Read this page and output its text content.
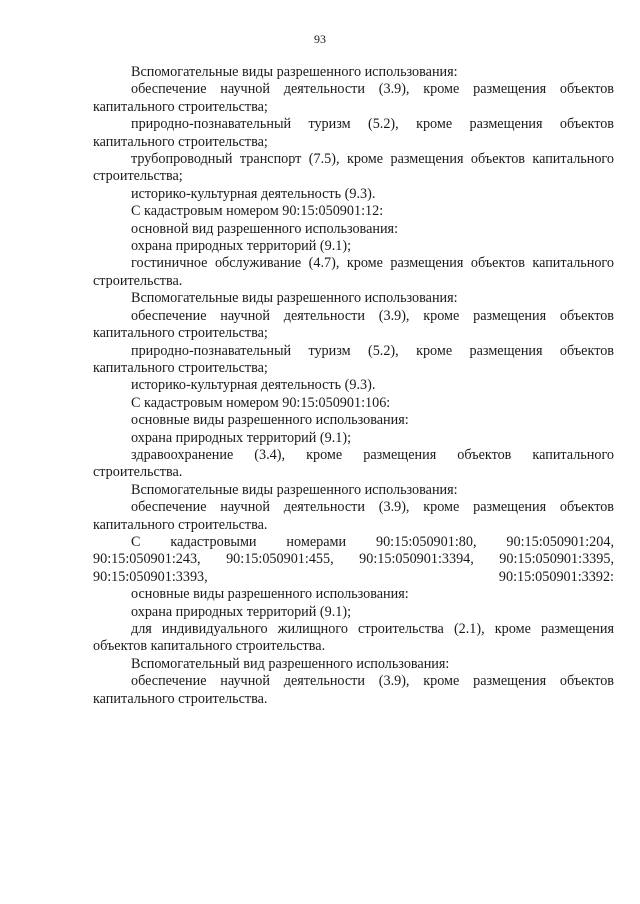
93

Вспомогательные виды разрешенного использования:

обеспечение научной деятельности (3.9), кроме размещения объектов капитального строительства;

природно-познавательный туризм (5.2), кроме размещения объектов капитального строительства;

трубопроводный транспорт (7.5), кроме размещения объектов капитального строительства;

историко-культурная деятельность (9.3).

С кадастровым номером 90:15:050901:12:

основной вид разрешенного использования:

охрана природных территорий (9.1);

гостиничное обслуживание (4.7), кроме размещения объектов капитального строительства.

Вспомогательные виды разрешенного использования:

обеспечение научной деятельности (3.9), кроме размещения объектов капитального строительства;

природно-познавательный туризм (5.2), кроме размещения объектов капитального строительства;

историко-культурная деятельность (9.3).

С кадастровым номером 90:15:050901:106:

основные виды разрешенного использования:

охрана природных территорий (9.1);

здравоохранение (3.4), кроме размещения объектов капитального строительства.

Вспомогательные виды разрешенного использования:

обеспечение научной деятельности (3.9), кроме размещения объектов капитального строительства.

С кадастровыми номерами 90:15:050901:80, 90:15:050901:204, 90:15:050901:243, 90:15:050901:455, 90:15:050901:3394, 90:15:050901:3395, 90:15:050901:3393, 90:15:050901:3392:

основные виды разрешенного использования:

охрана природных территорий (9.1);

для индивидуального жилищного строительства (2.1), кроме размещения объектов капитального строительства.

Вспомогательный вид разрешенного использования:

обеспечение научной деятельности (3.9), кроме размещения объектов капитального строительства.
